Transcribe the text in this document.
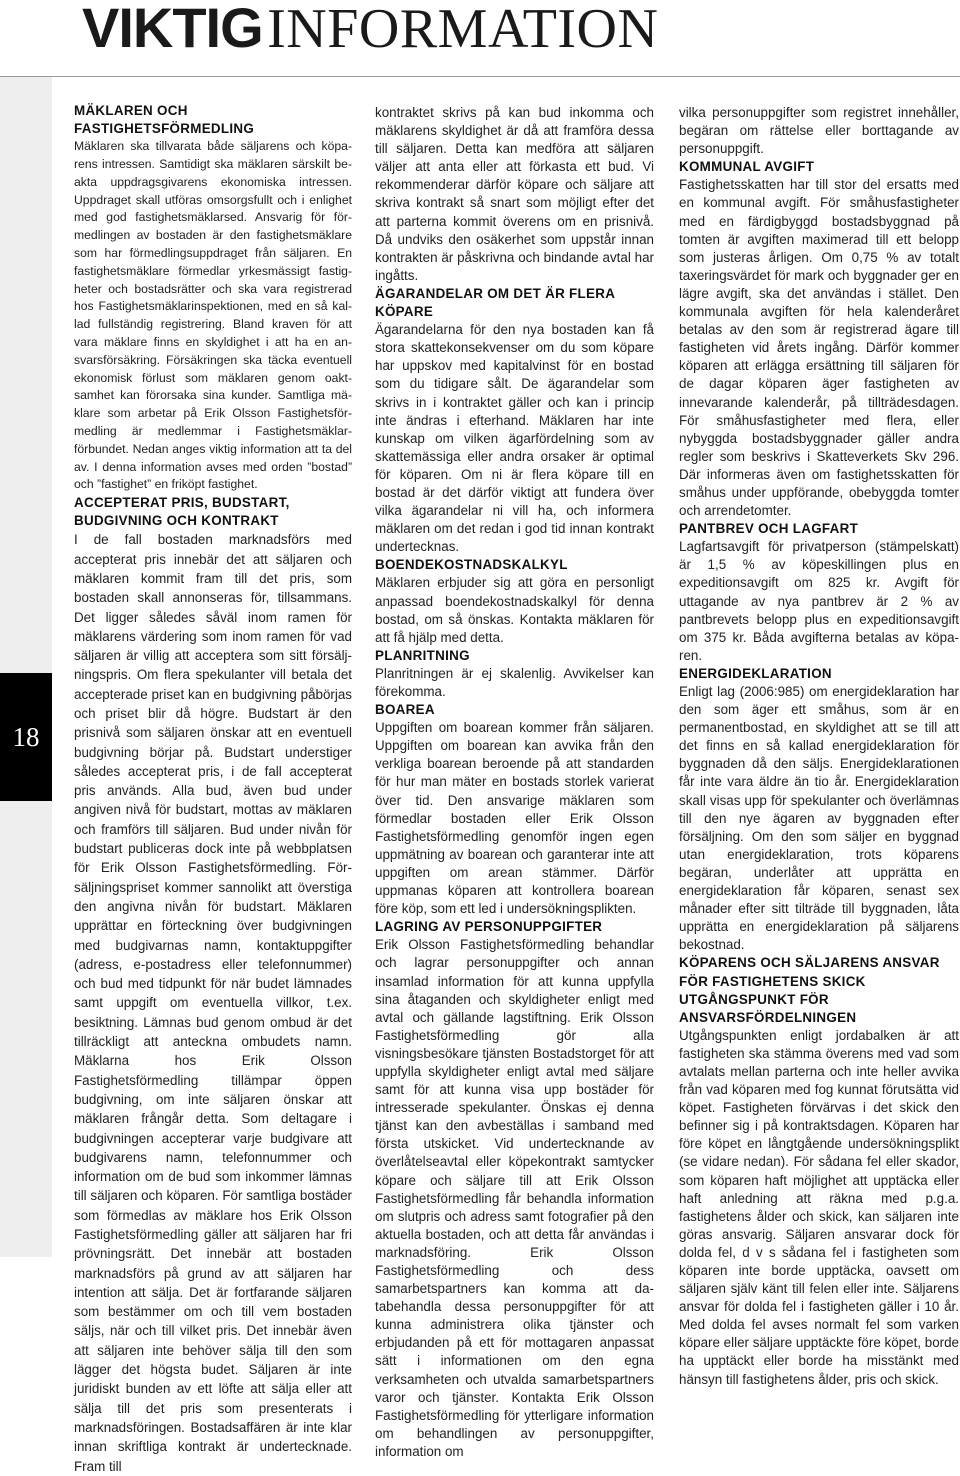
VIKTIG INFORMATION
18
MÄKLAREN OCH FASTIGHETSFÖRMEDLING

Mäklaren ska tillvarata både säljarens och köparens intressen. Samtidigt ska mäklaren särskilt beakta uppdragsgivarens ekonomiska intressen. Uppdraget skall utföras omsorgsfullt och i enlighet med god fastighetsmäklarsed. Ansvarig för förmedlingen av bostaden är den fastighetsmäklare som har förmedlingsuppdraget från säljaren. En fastighetsmäklare förmedlar yrkesmässigt fastigheter och bostadsrätter och ska vara registrerad hos Fastighetsmäklarinspektionen, med en så kallad fullständig registrering. Bland kraven för att vara mäklare finns en skyldighet i att ha en ansvarsförsäkring. Försäkringen ska täcka eventuell ekonomisk förlust som mäklaren genom oaktsamhet kan förorsaka sina kunder. Samtliga mäklare som arbetar på Erik Olsson Fastighetsförmedling är medlemmar i Fastighetsmäklarförbundet. Nedan anges viktig information att ta del av. I denna information avses med orden ”bostad” och ”fastighet” en friköpt fastighet.

ACCEPTERAT PRIS, BUDSTART, BUDGIVNING OCH KONTRAKT

I de fall bostaden marknadsförs med accepterat pris innebär det att säljaren och mäklaren kommit fram till det pris, som bostaden skall annonseras för, tillsammans. Det ligger således såväl inom ramen för mäklarens värdering som inom ramen för vad säljaren är villig att acceptera som sitt försäljningspris. Om flera spekulanter vill betala det accepterade priset kan en budgivning påbörjas och priset blir då högre. Budstart är den prisnivå som säljaren önskar att en eventuell budgivning börjar på. Budstart understiger således accepterat pris, i de fall accepterat pris används. Alla bud, även bud under angiven nivå för budstart, mottas av mäklaren och framförs till säljaren. Bud under nivån för budstart publiceras dock inte på webbplatsen för Erik Olsson Fastighetsförmedling. Försäljningspriset kommer sannolikt att överstiga den angivna nivån för budstart. Mäklaren upprättar en förteckning över budgivningen med budgivarnas namn, kontaktuppgifter (adress, e-postadress eller telefonnummer) och bud med tidpunkt för när budet lämnades samt uppgift om eventuella villkor, t.ex. besiktning. Lämnas bud genom ombud är det tillräckligt att anteckna ombudets namn. Mäklarna hos Erik Olsson Fastighetsförmedling tillämpar öppen budgivning, om inte säljaren önskar att mäklaren frångår detta. Som deltagare i budgivningen accepterar varje budgivare att budgivarens namn, telefonnummer och information om de bud som inkommer lämnas till säljaren och köparen. För samtliga bostäder som förmedlas av mäklare hos Erik Olsson Fastighetsförmedling gäller att säljaren har fri prövningsrätt. Det innebär att bostaden marknadsförs på grund av att säljaren har intention att sälja. Det är fortfarande säljaren som bestämmer om och till vem bostaden säljs, när och till vilket pris. Det innebär även att säljaren inte behöver sälja till den som lägger det högsta budet. Säljaren är inte juridiskt bunden av ett löfte att sälja eller att sälja till det pris som presenterats i marknadsföringen. Bostadsaffären är inte klar innan skriftliga kontrakt är undertecknade. Fram till

kontraktet skrivs på kan bud inkomma och mäklarens skyldighet är då att framföra dessa till säljaren. Detta kan medföra att säljaren väljer att anta eller att förkasta ett bud. Vi rekommenderar därför köpare och säljare att skriva kontrakt så snart som möjligt efter det att parterna kommit överens om en prisnivå. Då undviks den osäkerhet som uppstår innan kontrakten är påskrivna och bindande avtal har ingåtts.

ÄGARANDELAR OM DET ÄR FLERA KÖPARE

Ägarandelarna för den nya bostaden kan få stora skattekonsekvenser om du som köpare har uppskov med kapitalvinst för en bostad som du tidigare sålt. De ägarandelar som skrivs in i kontraktet gäller och kan i princip inte ändras i efterhand. Mäklaren har inte kunskap om vilken ägarfördelning som av skattemässiga eller andra orsaker är optimal för köparen. Om ni är flera köpare till en bostad är det därför viktigt att fundera över vilka ägarandelar ni vill ha, och informera mäklaren om det redan i god tid innan kontrakt undertecknas.

BOENDEKOSTNADSKALKYL

Mäklaren erbjuder sig att göra en personligt anpassad boendekostnadskalkyl för denna bostad, om så önskas. Kontakta mäklaren för att få hjälp med detta.

PLANRITNING

Planritningen är ej skalenlig. Avvikelser kan förekomma.

BOAREA

Uppgiften om boarean kommer från säljaren. Uppgiften om boarean kan avvika från den verkliga boarean beroende på att standarden för hur man mäter en bostads storlek varierat över tid. Den ansvarige mäklaren som förmedlar bostaden eller Erik Olsson Fastighetsförmedling genomför ingen egen uppmätning av boarean och garanterar inte att uppgiften om arean stämmer. Därför uppmanas köparen att kontrollera boarean före köp, som ett led i undersökningsplikten.

LAGRING AV PERSONUPPGIFTER

Erik Olsson Fastighetsförmedling behandlar och lagrar personuppgifter och annan insamlad information för att kunna uppfylla sina åtaganden och skyldigheter enligt med avtal och gällande lagstiftning. Erik Olsson Fastighetsförmedling gör alla visningsbesökare tjänsten Bostadstorget för att uppfylla skyldigheter enligt avtal med säljare samt för att kunna visa upp bostäder för intresserade spekulanter. Önskas ej denna tjänst kan den avbeställas i samband med första utskicket. Vid undertecknande av överlåtelseavtal eller köpekontrakt samtycker köpare och säljare till att Erik Olsson Fastighetsförmedling får behandla information om slutpris och adress samt fotografier på den aktuella bostaden, och att detta får användas i marknadsföring. Erik Olsson Fastighetsförmedling och dess samarbetspartners kan komma att databehandla dessa personuppgifter för att kunna administrera olika tjänster och erbjudanden på ett för mottagaren anpassat sätt i informationen om den egna verksamheten och utvalda samarbetspartners varor och tjänster. Kontakta Erik Olsson Fastighetsförmedling för ytterligare information om behandlingen av personuppgifter, information om

vilka personuppgifter som registret innehåller, begäran om rättelse eller borttagande av personuppgift.

KOMMUNAL AVGIFT

Fastighetsskatten har till stor del ersatts med en kommunal avgift. För småhusfastigheter med en färdigbyggd bostadsbyggnad på tomten är avgiften maximerad till ett belopp som justeras årligen. Om 0,75 % av totalt taxeringsvärdet för mark och byggnader ger en lägre avgift, ska det användas i stället. Den kommunala avgiften för hela kalenderåret betalas av den som är registrerad ägare till fastigheten vid årets ingång. Därför kommer köparen att erlägga ersättning till säljaren för de dagar köparen äger fastigheten av innevarande kalenderår, på tillträdesdagen. För småhusfastigheter med flera, eller nybyggda bostadsbyggnader gäller andra regler som beskrivs i Skatteverkets Skv 296. Där informeras även om fastighetsskatten för småhus under uppförande, obebyggda tomter och arrendetomter.

PANTBREV OCH LAGFART

Lagfartsavgift för privatperson (stämpelskatt) är 1,5 % av köpeskillingen plus en expeditionsavgift om 825 kr. Avgift för uttagande av nya pantbrev är 2 % av pantbrevets belopp plus en expeditionsavgift om 375 kr. Båda avgifterna betalas av köparen.

ENERGIDEKLARATION

Enligt lag (2006:985) om energideklaration har den som äger ett småhus, som är en permanentbostad, en skyldighet att se till att det finns en så kallad energideklaration för byggnaden då den säljs. Energideklarationen får inte vara äldre än tio år. Energideklaration skall visas upp för spekulanter och överlämnas till den nye ägaren av byggnaden efter försäljning. Om den som säljer en byggnad utan energideklaration, trots köparens begäran, underlåter att upprätta en energideklaration får köparen, senast sex månader efter sitt tilträde till byggnaden, låta upprätta en energideklaration på säljarens bekostnad.

KÖPARENS OCH SÄLJARENS ANSVAR FÖR FASTIGHETENS SKICK UTGÅNGSPUNKT FÖR ANSVARSFÖRDELNINGEN

Utgångspunkten enligt jordabalken är att fastigheten ska stämma överens med vad som avtalats mellan parterna och inte heller avvika från vad köparen med fog kunnat förutsätta vid köpet. Fastigheten förvärvas i det skick den befinner sig i på kontraktsdagen. Köparen har före köpet en långtgående undersökningsplikt (se vidare nedan). För sådana fel eller skador, som köparen haft möjlighet att upptäcka eller haft anledning att räkna med p.g.a. fastighetens ålder och skick, kan säljaren inte göras ansvarig. Säljaren ansvarar dock för dolda fel, d v s sådana fel i fastigheten som köparen inte borde upptäcka, oavsett om säljaren själv känt till felen eller inte. Säljarens ansvar för dolda fel i fastigheten gäller i 10 år. Med dolda fel avses normalt fel som varken köpare eller säljare upptäckte före köpet, borde ha upptäckt eller borde ha misstänkt med hänsyn till fastighetens ålder, pris och skick.
